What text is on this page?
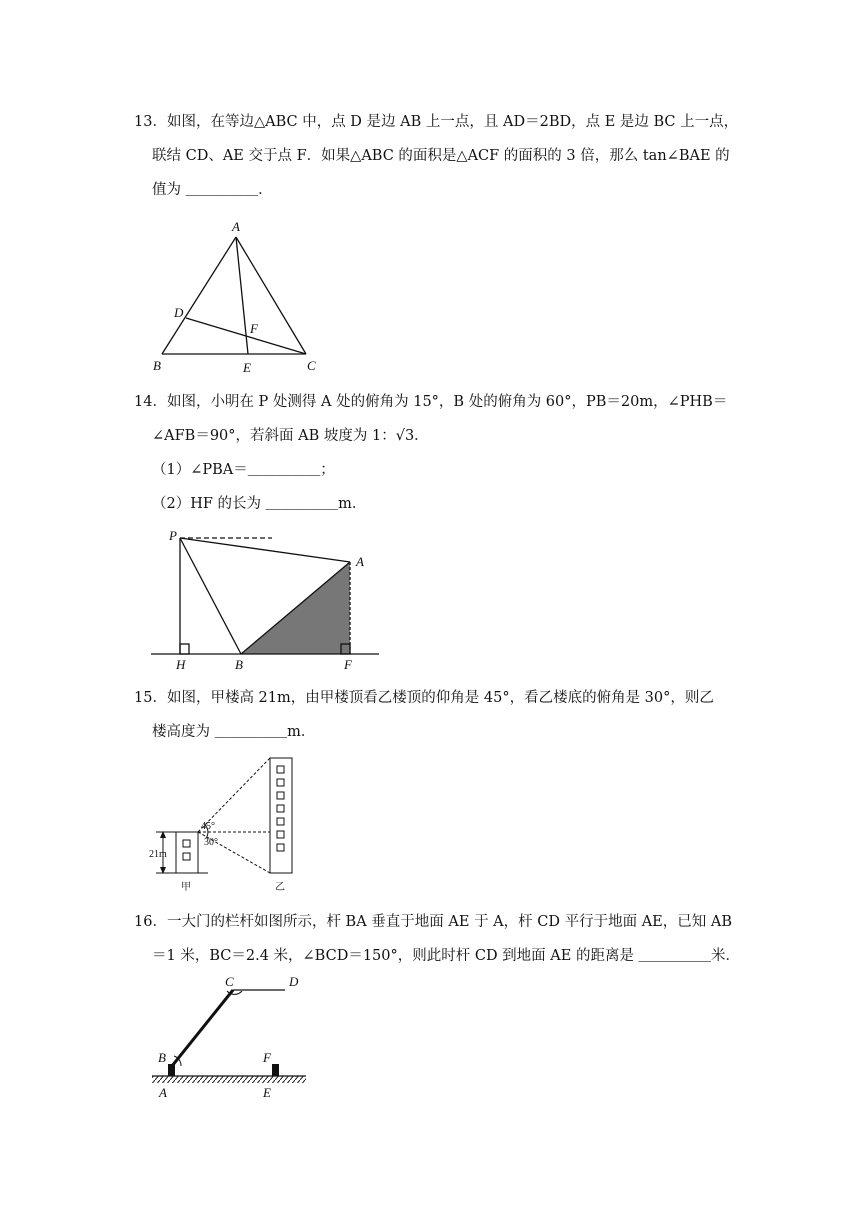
13．如图，在等边△ABC 中，点 D 是边 AB 上一点，且 AD＝2BD，点 E 是边 BC 上一点，
联结 CD、AE 交于点 F．如果△ABC 的面积是△ACF 的面积的 3 倍，那么 tan∠BAE 的
值为 ＿＿＿＿＿．
A
B	C
D
E
F
14．如图，小明在 P 处测得 A 处的俯角为 15°，B 处的俯角为 60°，PB＝20m，∠PHB＝
∠AFB＝90°，若斜面 AB 坡度为 1：√3．
（1）∠PBA＝＿＿＿＿＿；
（2）HF 的长为 ＿＿＿＿＿m．
P
A
H	B	F
15．如图，甲楼高 21m，由甲楼顶看乙楼顶的仰角是 45°，看乙楼底的俯角是 30°，则乙
楼高度为 ＿＿＿＿＿m．
45°
30°
21m
甲	乙
16．一大门的栏杆如图所示，杆 BA 垂直于地面 AE 于 A，杆 CD 平行于地面 AE，已知 AB
＝1 米，BC＝2.4 米，∠BCD＝150°，则此时杆 CD 到地面 AE 的距离是 ＿＿＿＿＿米．
C	D
B	F
A	E
